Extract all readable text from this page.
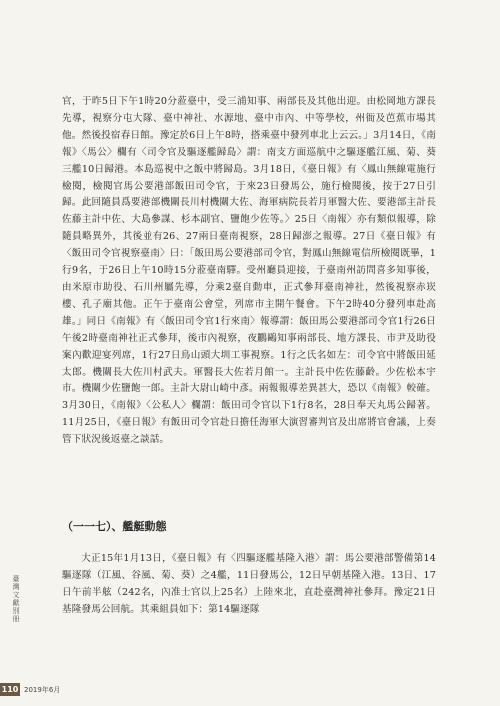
官，于昨5日下午1時20分蒞臺中，受三浦知事、兩部長及其他出迎。由松岡地方課長先導，視察分屯大隊、臺中神社、水源地、臺中市內、中等學校，州衙及芭蕉市場其他。然後投宿春日館。豫定於6日上午8時，搭乘臺中發列車北上云云。」3月14日，《南報》〈馬公〉欄有〈司令官及驅逐艦歸島〉謂：南支方面巡航中之驅逐艦江風、菊、葵三艦10日歸港。本島巡視中之飯中將歸島。3月18日，《臺日報》有〈鳳山無線電施行檢閱，檢閱官馬公要港部飯田司令官，于來23日發馬公，施行檢閱後，按于27日引歸。此回隨員爲要港部機關長川村機關大佐、海軍病院長若月軍醫大佐、要港部主計長佐藤主計中佐、大島參謀、杉本副官、鹽飽少佐等。〉25日〈南報〉亦有類似報導，除隨員略異外，其後並有26、27兩日臺南視察，28日歸澎之報導。27日《臺日報》有〈飯田司令官視察臺南〉曰：「飯田馬公要港部司令官，對鳳山無線電信所檢閱既畢，1行9名，于26日上午10時15分蒞臺南驛。受州廳員迎接，于臺南州訪問喜多知事後，由米原市助役、石川州屬先導，分乘2臺自動車，正式參拜臺南神社，然後視察赤崁樓、孔子廟其他。正午于臺南公會堂，列席市主開午餐會。下午2時40分發列車赴高雄。」同日《南報》有〈飯田司令官1行來南〉報導謂：飯田馬公要港部司令官1行26日午後2時臺南神社正式參拜，後市內視察，夜鸝鷗知事兩部長、地方課長、市尹及助役案內歡迎宴列席，1行27日鳥山頭大圳工事視察。1行之氏名如左：司令官中將飯田延太郎。機關長大佐川村武夫。軍醫長大佐若月館一。主計長中佐佐藤齡。少佐松本宇市。機關少佐鹽飽一郎。主計大尉山崎中彥。兩報報導差異甚大，恐以《南報》較確。3月30日，《南報》〈公私人〉欄謂：飯田司令官以下1行8名，28日奉天丸馬公歸著。11月25日，《臺日報》有飯田司令官赴日擔任海軍大演習審判官及出席將官會議，上奏管下狀況後返臺之談話。

（一一七）、艦艇動態

大正15年1月13日，《臺日報》有〈四驅逐艦基隆入港〉謂：馬公要港部警備第14驅逐隊（江風、谷風、菊、葵）之4艦，11日發馬公，12日早朝基隆入港。13日、17日午前半舷（242名，內准士官以上25名）上陸來北，直赴臺灣神社參拜。豫定21日基隆發馬公回航。其乘組員如下：第14驅逐隊

臺灣文獻別冊
110 2019年6月
